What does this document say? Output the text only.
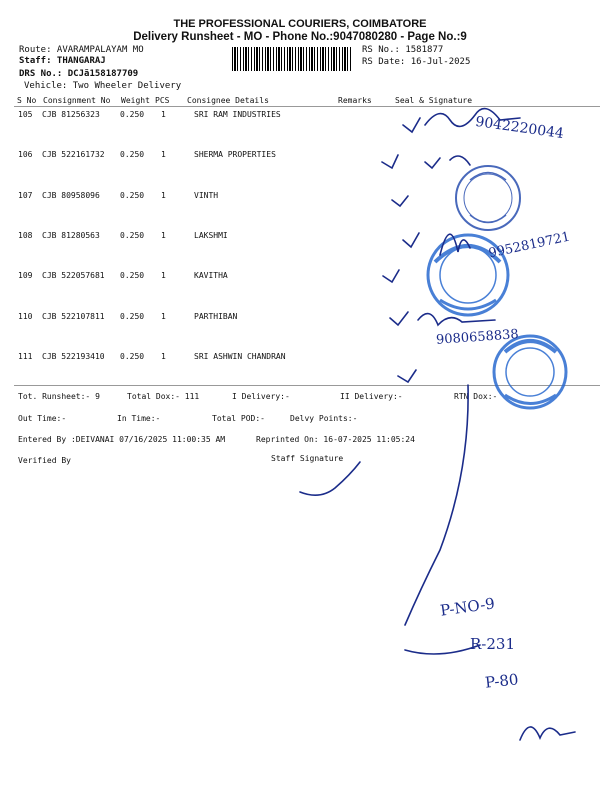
THE PROFESSIONAL COURIERS, COIMBATORE
Delivery Runsheet - MO - Phone No.:9047080280 - Page No.:9
Route: AVARAMPALAYAM MO
Staff: THANGARAJ
DRS No.: DCJã158187709
Vehicle: Two Wheeler Delivery
RS No.: 1581877
RS Date: 16-Jul-2025
S No Consignment No Weight PCS Consignee Details	Remarks	Seal & Signature
105 CJB 81256323	0.250 1	SRI RAM INDUSTRIES
106 CJB 522161732 0.250 1	SHERMA PROPERTIES
107 CJB 80958096	0.250 1	VINTH
108 CJB 81280563	0.250 1	LAKSHMI
109 CJB 522057681 0.250 1	KAVITHA
110 CJB 522107811 0.250 1	PARTHIBAN
111 CJB 522193410 0.250 1	SRI ASHWIN CHANDRAN
Tot. Runsheet:- 9	Total Dox:- 111	I Delivery:-	II Delivery:-	RTN Dox:-
Out Time:-	In Time:-	Total POD:-	Delvy Points:-
Entered By :DEIVANAI 07/16/2025 11:00:35 AM	Reprinted On: 16-07-2025 11:05:24
Verified By	Staff Signature
9042220044
9952819721
9080658838
P-NO-9
R-231
P-80
